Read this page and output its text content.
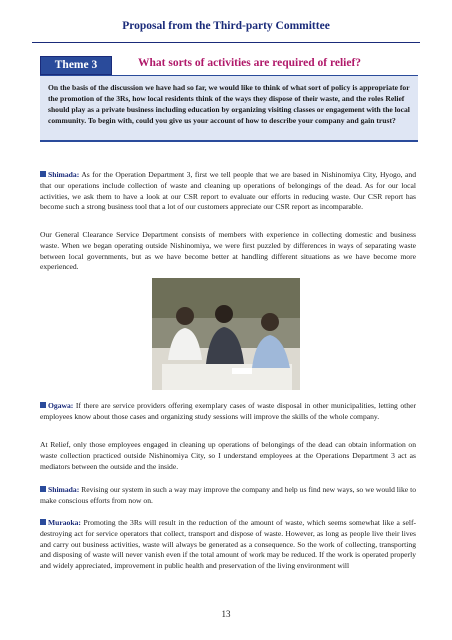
Proposal from the Third-party Committee
Theme 3	What sorts of activities are required of relief?
On the basis of the discussion we have had so far, we would like to think of what sort of policy is appropriate for the promotion of the 3Rs, how local residents think of the ways they dispose of their waste, and the roles Relief should play as a private business including education by organizing visiting classes or engagement with the local community. To begin with, could you give us your account of how to describe your company and gain trust?
Shimada: As for the Operation Department 3, first we tell people that we are based in Nishinomiya City, Hyogo, and that our operations include collection of waste and cleaning up operations of belongings of the dead. As for our local activities, we ask them to have a look at our CSR report to evaluate our efforts in reducing waste. Our CSR report has become such a strong business tool that a lot of our customers appreciate our CSR report as incomparable.
Our General Clearance Service Department consists of members with experience in collecting domestic and business waste. When we began operating outside Nishinomiya, we were first puzzled by differences in ways of separating waste between local governments, but as we have become better at handling different situations as we have become more experienced.
Ogawa: If there are service providers offering exemplary cases of waste disposal in other municipalities, letting other employees know about those cases and organizing study sessions will improve the skills of the whole company.
At Relief, only those employees engaged in cleaning up operations of belongings of the dead can obtain information on waste collection practiced outside Nishinomiya City, so I understand employees at the Operations Department 3 act as mediators between the outside and the inside.
Shimada: Revising our system in such a way may improve the company and help us find new ways, so we would like to make conscious efforts from now on.
Muraoka: Promoting the 3Rs will result in the reduction of the amount of waste, which seems somewhat like a self-destroying act for service operators that collect, transport and dispose of waste. However, as long as people live their lives and carry out business activities, waste will always be generated as a consequence. So the work of collecting, transporting and disposing of waste will never vanish even if the total amount of work may be reduced. If the work is operated properly and widely appreciated, improvement in public health and preservation of the living environment will
13
